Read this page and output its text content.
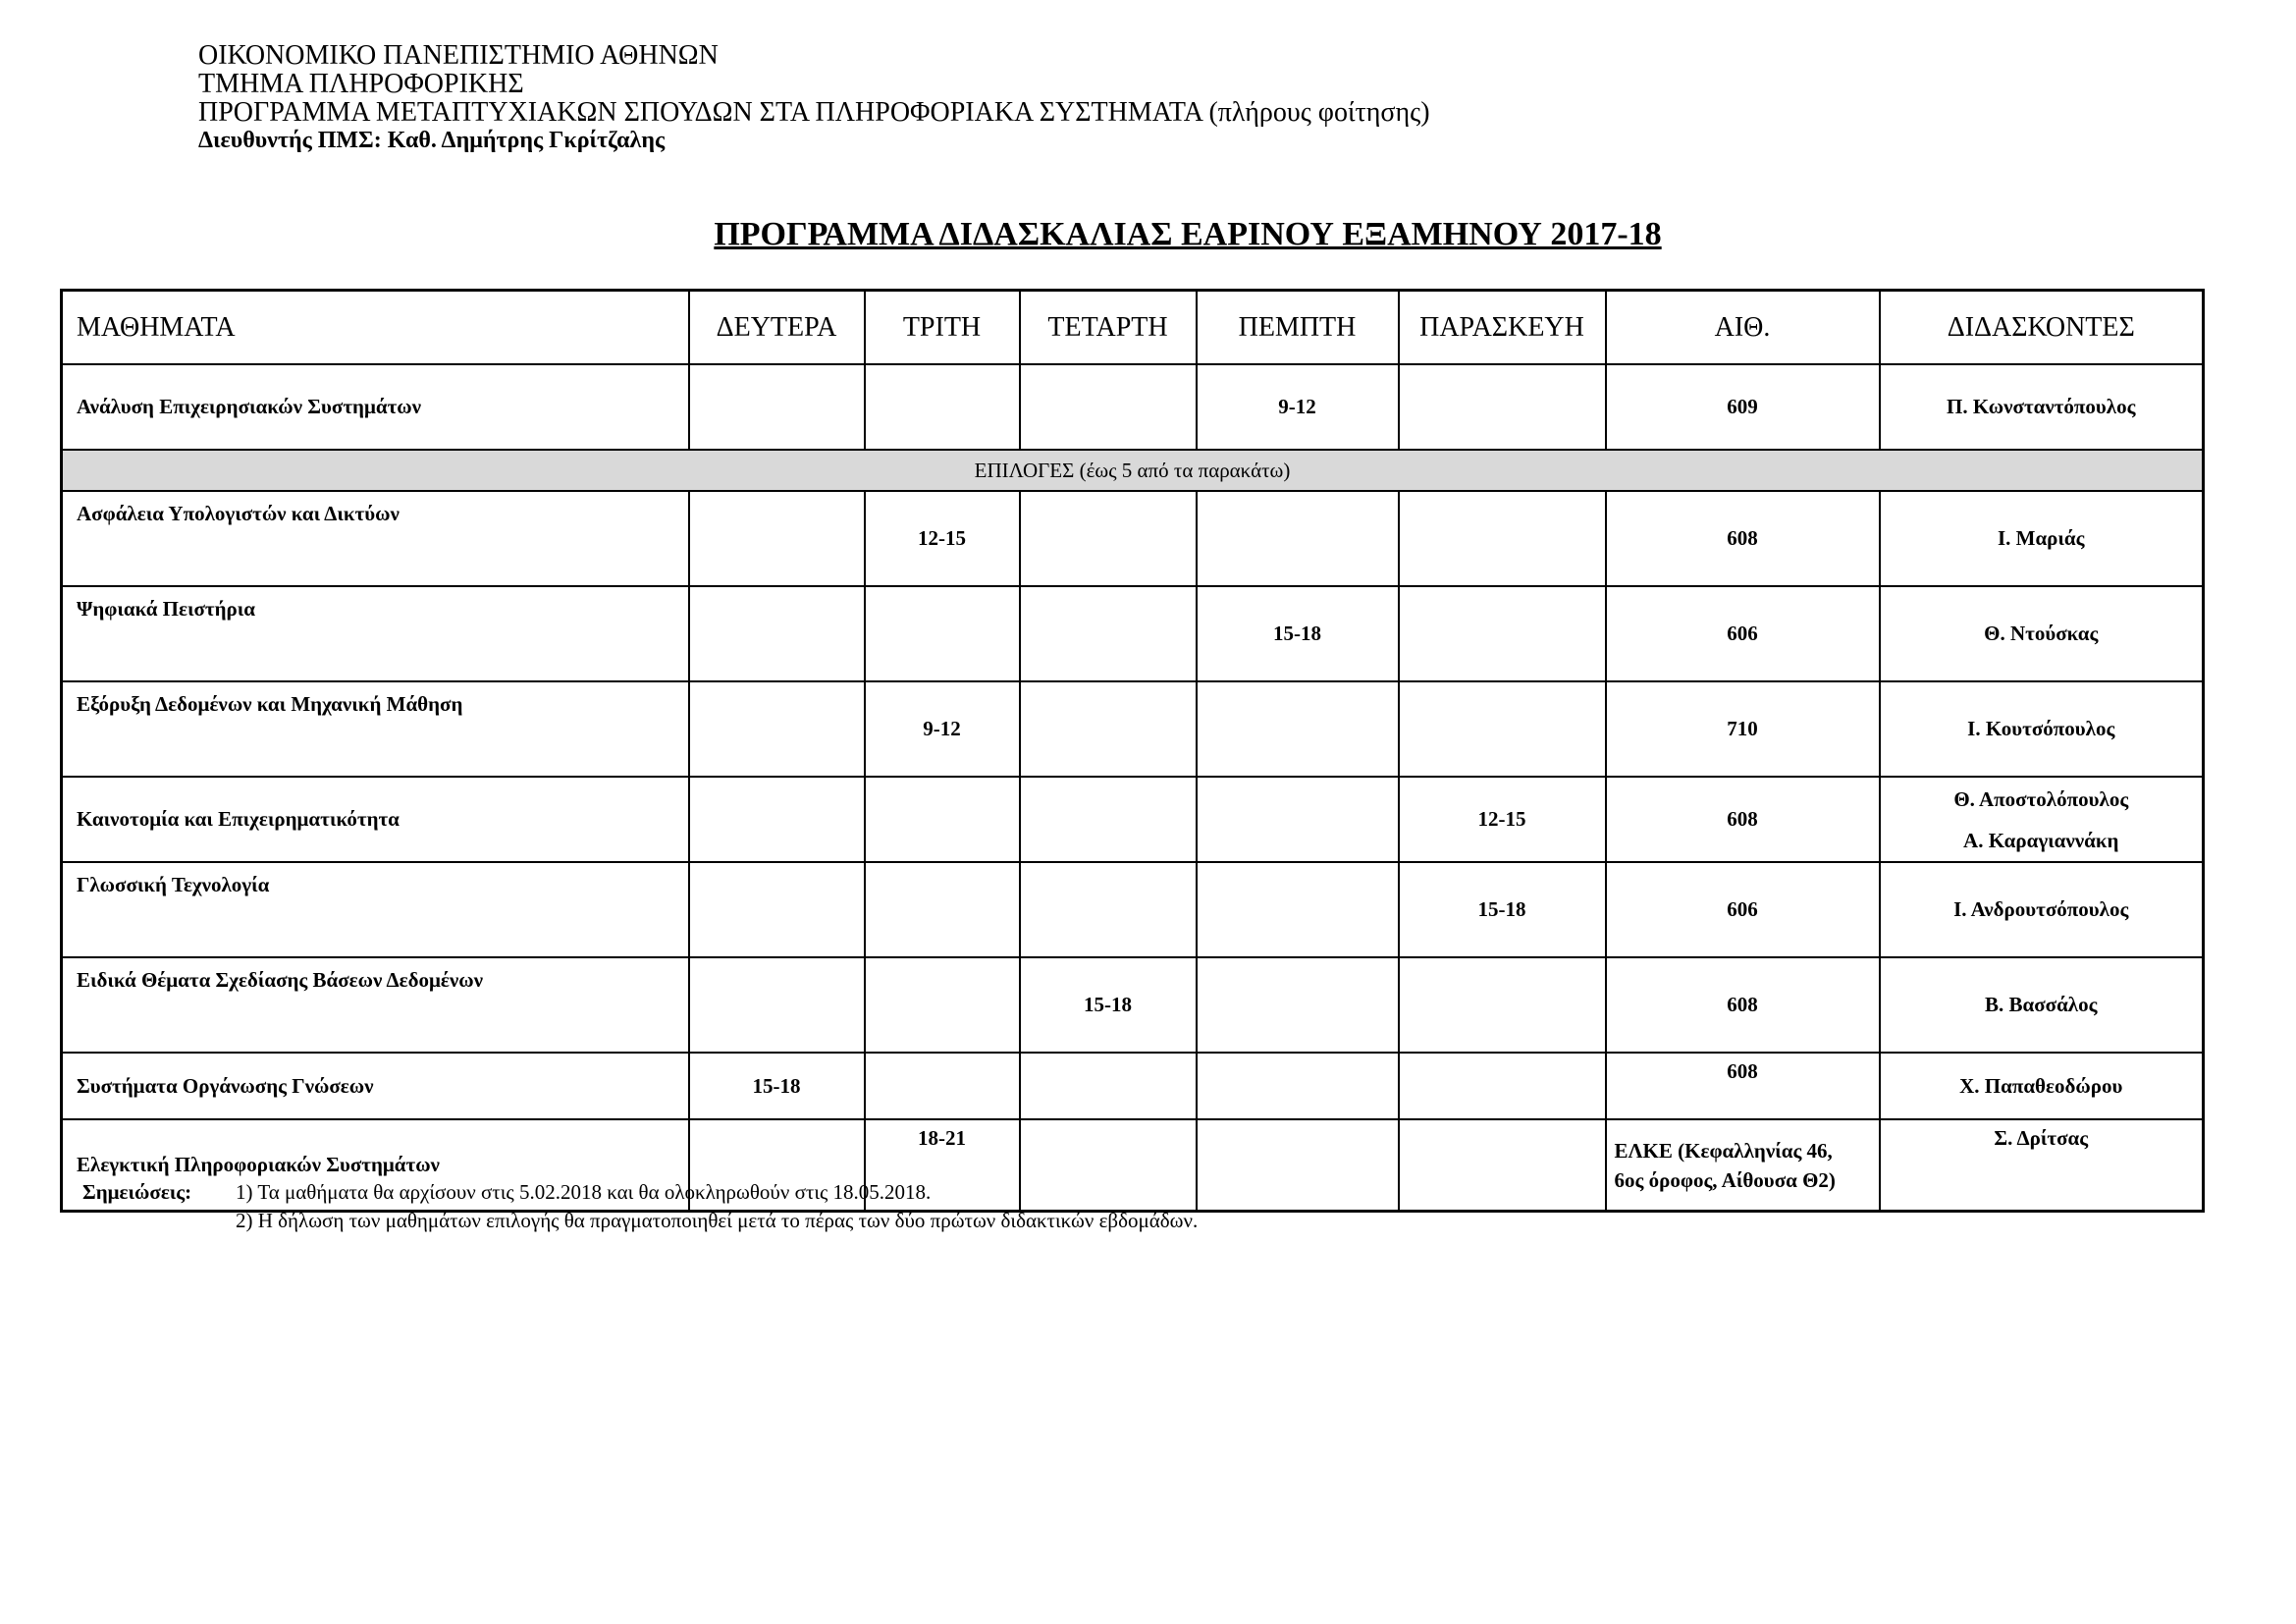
ΟΙΚΟΝΟΜΙΚΟ ΠΑΝΕΠΙΣΤΗΜΙΟ ΑΘΗΝΩΝ
ΤΜΗΜΑ ΠΛΗΡΟΦΟΡΙΚΗΣ
ΠΡΟΓΡΑΜΜΑ ΜΕΤΑΠΤΥΧΙΑΚΩΝ ΣΠΟΥΔΩΝ ΣΤΑ ΠΛΗΡΟΦΟΡΙΑΚΑ ΣΥΣΤΗΜΑΤΑ (πλήρους φοίτησης)
Διευθυντής ΠΜΣ: Καθ. Δημήτρης Γκρίτζαλης
ΠΡΟΓΡΑΜΜΑ ΔΙΔΑΣΚΑΛΙΑΣ ΕΑΡΙΝΟΥ ΕΞΑΜΗΝΟΥ 2017-18
ΜΑΘΗΜΑΤΑ	ΔΕΥΤΕΡΑ	ΤΡΙΤΗ	ΤΕΤΑΡΤΗ	ΠΕΜΠΤΗ	ΠΑΡΑΣΚΕΥΗ	ΑΙΘ.	ΔΙΔΑΣΚΟΝΤΕΣ
Ανάλυση Επιχειρησιακών Συστημάτων				9-12		609	Π. Κωνσταντόπουλος
ΕΠΙΛΟΓΕΣ (έως 5 από τα παρακάτω)							
Ασφάλεια Υπολογιστών και Δικτύων		12-15				608	Ι. Μαριάς
Ψηφιακά Πειστήρια				15-18		606	Θ. Ντούσκας
Εξόρυξη Δεδομένων και Μηχανική Μάθηση		9-12				710	Ι. Κουτσόπουλος
Καινοτομία και Επιχειρηματικότητα					12-15	608	Θ. Αποστολόπουλος
Α. Καραγιαννάκη

Γλωσσική Τεχνολογία					15-18	606	Ι. Ανδρουτσόπουλος
Ειδικά Θέματα Σχεδίασης Βάσεων Δεδομένων			15-18			608	Β. Βασσάλος
Συστήματα Οργάνωσης Γνώσεων	15-18					608	Χ. Παπαθεοδώρου
Ελεγκτική Πληροφοριακών Συστημάτων		18-21				ΕΛΚΕ (Κεφαλληνίας 46,
6ος όροφος, Αίθουσα Θ2)	Σ. Δρίτσας
Σημειώσεις: 1) Τα μαθήματα θα αρχίσουν στις 5.02.2018 και θα ολοκληρωθούν στις 18.05.2018.
2) Η δήλωση των μαθημάτων επιλογής θα πραγματοποιηθεί μετά το πέρας των δύο πρώτων διδακτικών εβδομάδων.
